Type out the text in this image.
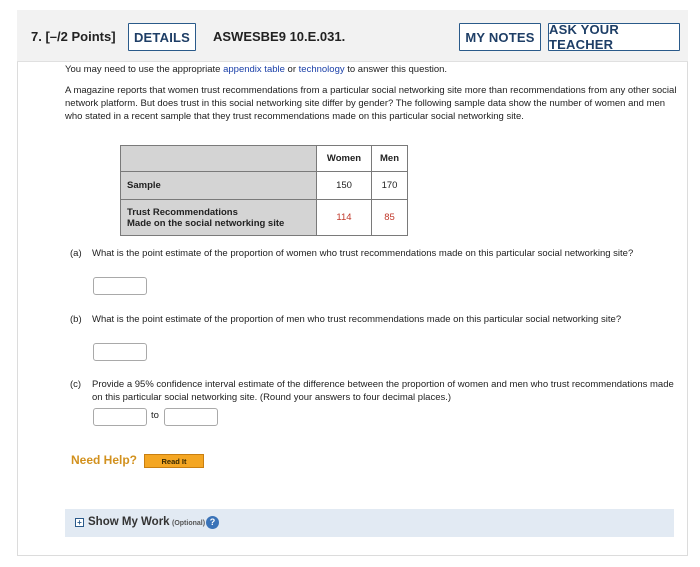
7. [–/2 Points]	DETAILS	ASWESBE9 10.E.031.	MY NOTES	ASK YOUR TEACHER
You may need to use the appropriate appendix table or technology to answer this question.
A magazine reports that women trust recommendations from a particular social networking site more than recommendations from any other social network platform. But does trust in this social networking site differ by gender? The following sample data show the number of women and men who stated in a recent sample that they trust recommendations made on this particular social networking site.
	Women	Men
Sample	150	170

Trust Recommendations
Made on the social networking site	114	85
(a) What is the point estimate of the proportion of women who trust recommendations made on this particular social networking site?
(b) What is the point estimate of the proportion of men who trust recommendations made on this particular social networking site?
(c) Provide a 95% confidence interval estimate of the difference between the proportion of women and men who trust recommendations made on this particular social networking site. (Round your answers to four decimal places.)
to
Need Help?	Read It
+ Show My Work (Optional) ?
